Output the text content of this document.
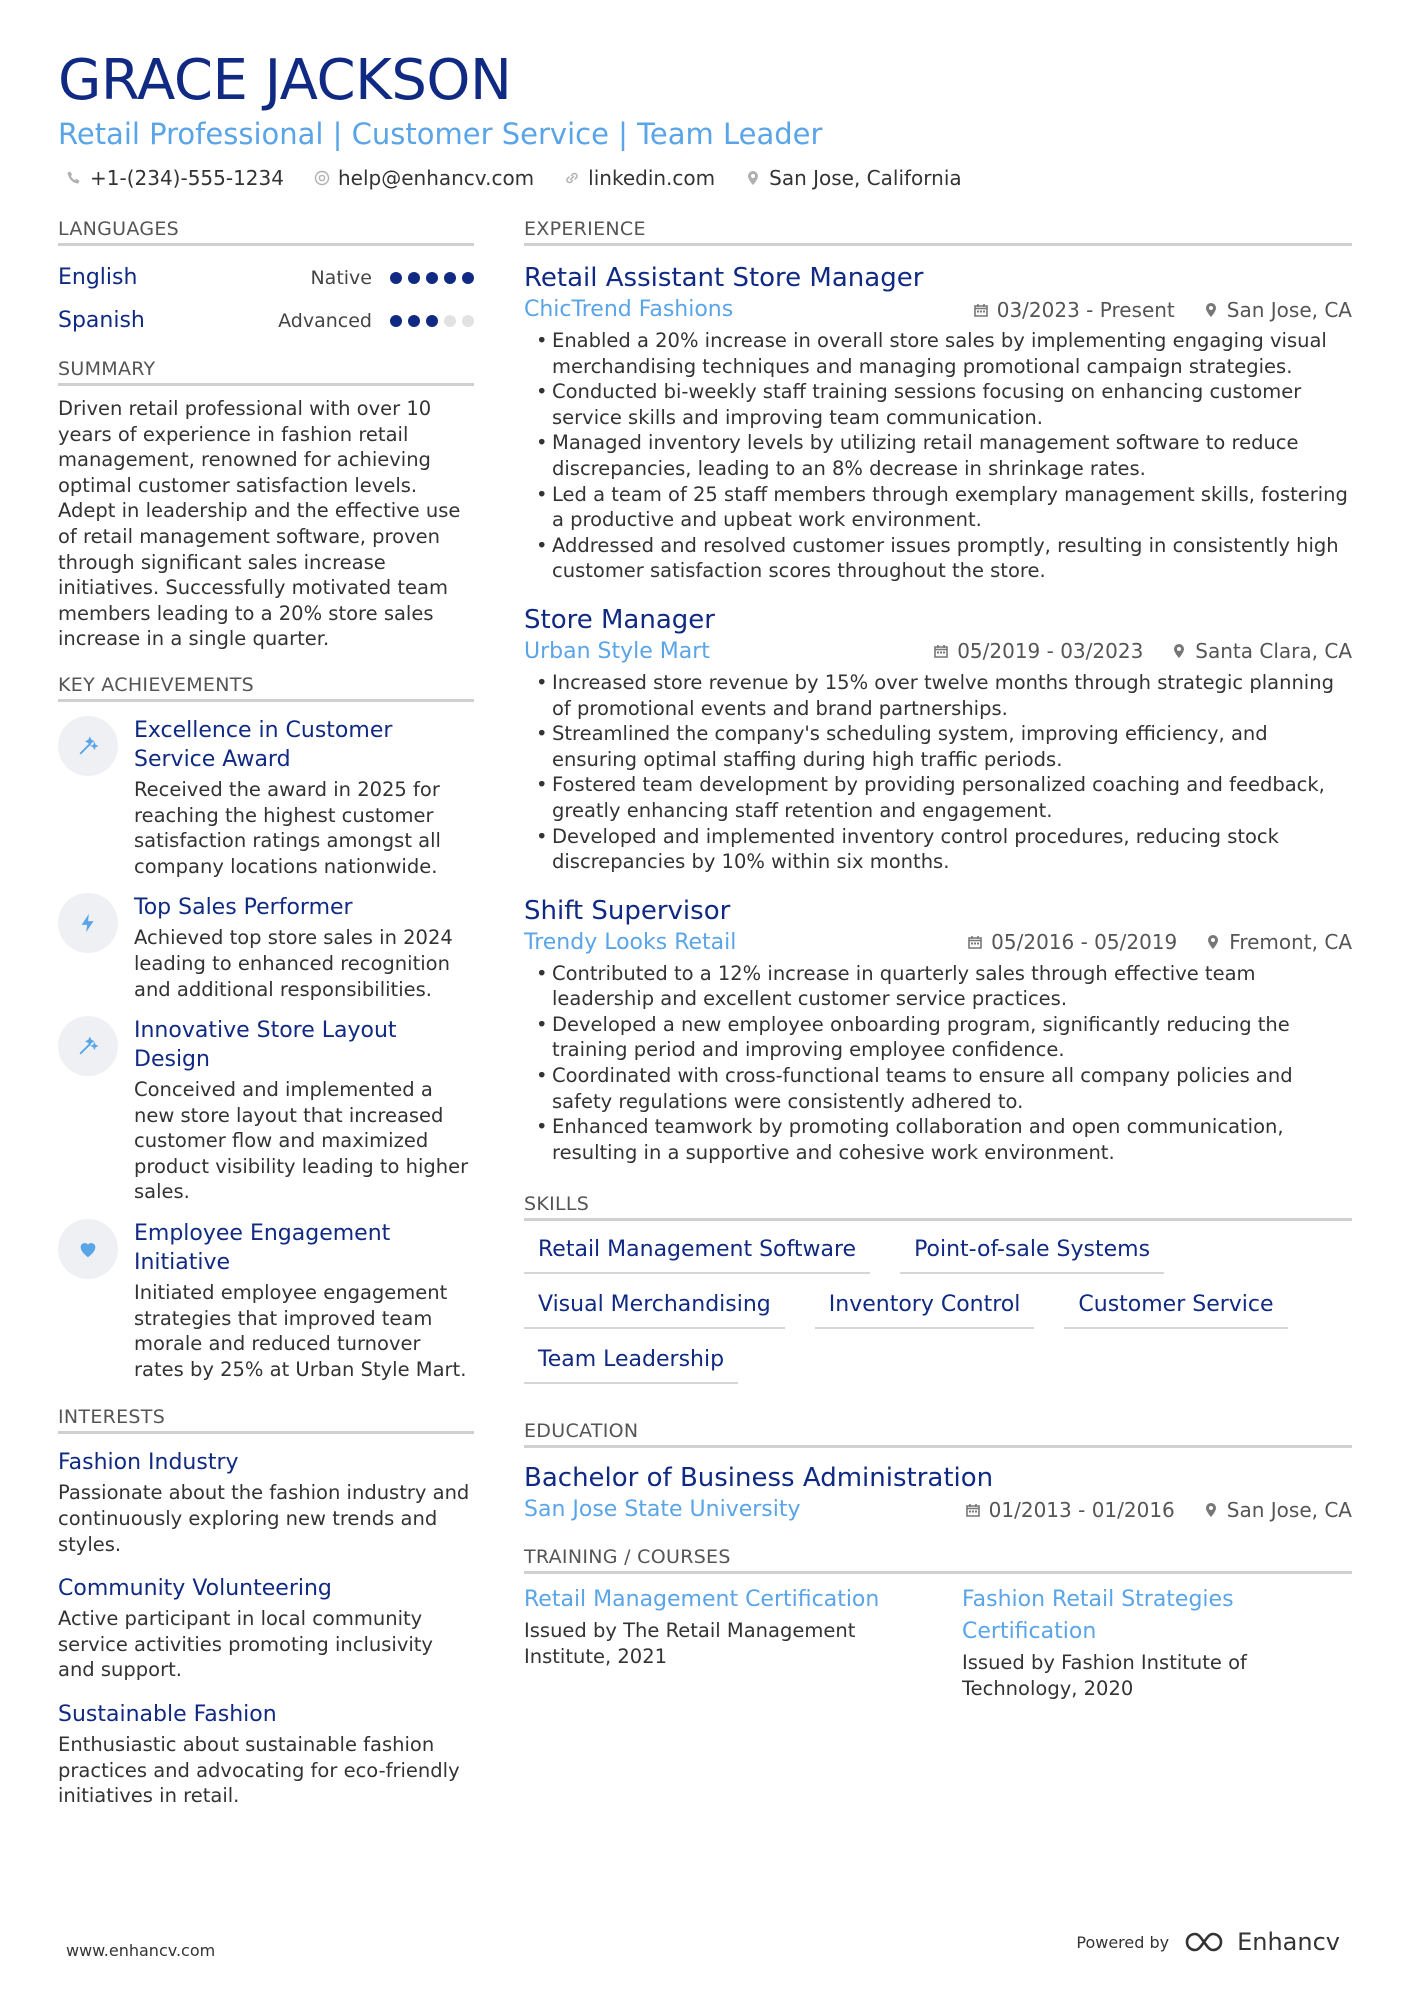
GRACE JACKSON
Retail Professional | Customer Service | Team Leader
+1-(234)-555-1234	help@enhancv.com	linkedin.com	San Jose, California
LANGUAGES
English	Native
Spanish	Advanced
SUMMARY
Driven retail professional with over 10 years of experience in fashion retail management, renowned for achieving optimal customer satisfaction levels. Adept in leadership and the effective use of retail management software, proven through significant sales increase initiatives. Successfully motivated team members leading to a 20% store sales increase in a single quarter.
KEY ACHIEVEMENTS
Excellence in Customer Service Award
Received the award in 2025 for reaching the highest customer satisfaction ratings amongst all company locations nationwide.
Top Sales Performer
Achieved top store sales in 2024 leading to enhanced recognition and additional responsibilities.
Innovative Store Layout Design
Conceived and implemented a new store layout that increased customer flow and maximized product visibility leading to higher sales.
Employee Engagement Initiative
Initiated employee engagement strategies that improved team morale and reduced turnover rates by 25% at Urban Style Mart.
INTERESTS
Fashion Industry
Passionate about the fashion industry and continuously exploring new trends and styles.
Community Volunteering
Active participant in local community service activities promoting inclusivity and support.
Sustainable Fashion
Enthusiastic about sustainable fashion practices and advocating for eco-friendly initiatives in retail.
EXPERIENCE
Retail Assistant Store Manager
ChicTrend Fashions	03/2023 - Present	San Jose, CA
• Enabled a 20% increase in overall store sales by implementing engaging visual merchandising techniques and managing promotional campaign strategies.
• Conducted bi-weekly staff training sessions focusing on enhancing customer service skills and improving team communication.
• Managed inventory levels by utilizing retail management software to reduce discrepancies, leading to an 8% decrease in shrinkage rates.
• Led a team of 25 staff members through exemplary management skills, fostering a productive and upbeat work environment.
• Addressed and resolved customer issues promptly, resulting in consistently high customer satisfaction scores throughout the store.
Store Manager
Urban Style Mart	05/2019 - 03/2023	Santa Clara, CA
• Increased store revenue by 15% over twelve months through strategic planning of promotional events and brand partnerships.
• Streamlined the company's scheduling system, improving efficiency, and ensuring optimal staffing during high traffic periods.
• Fostered team development by providing personalized coaching and feedback, greatly enhancing staff retention and engagement.
• Developed and implemented inventory control procedures, reducing stock discrepancies by 10% within six months.
Shift Supervisor
Trendy Looks Retail	05/2016 - 05/2019	Fremont, CA
• Contributed to a 12% increase in quarterly sales through effective team leadership and excellent customer service practices.
• Developed a new employee onboarding program, significantly reducing the training period and improving employee confidence.
• Coordinated with cross-functional teams to ensure all company policies and safety regulations were consistently adhered to.
• Enhanced teamwork by promoting collaboration and open communication, resulting in a supportive and cohesive work environment.
SKILLS
Retail Management Software	Point-of-sale Systems
Visual Merchandising	Inventory Control	Customer Service
Team Leadership
EDUCATION
Bachelor of Business Administration
San Jose State University	01/2013 - 01/2016	San Jose, CA
TRAINING / COURSES
Retail Management Certification
Issued by The Retail Management Institute, 2021
Fashion Retail Strategies Certification
Issued by Fashion Institute of Technology, 2020
www.enhancv.com	Powered by	Enhancv
